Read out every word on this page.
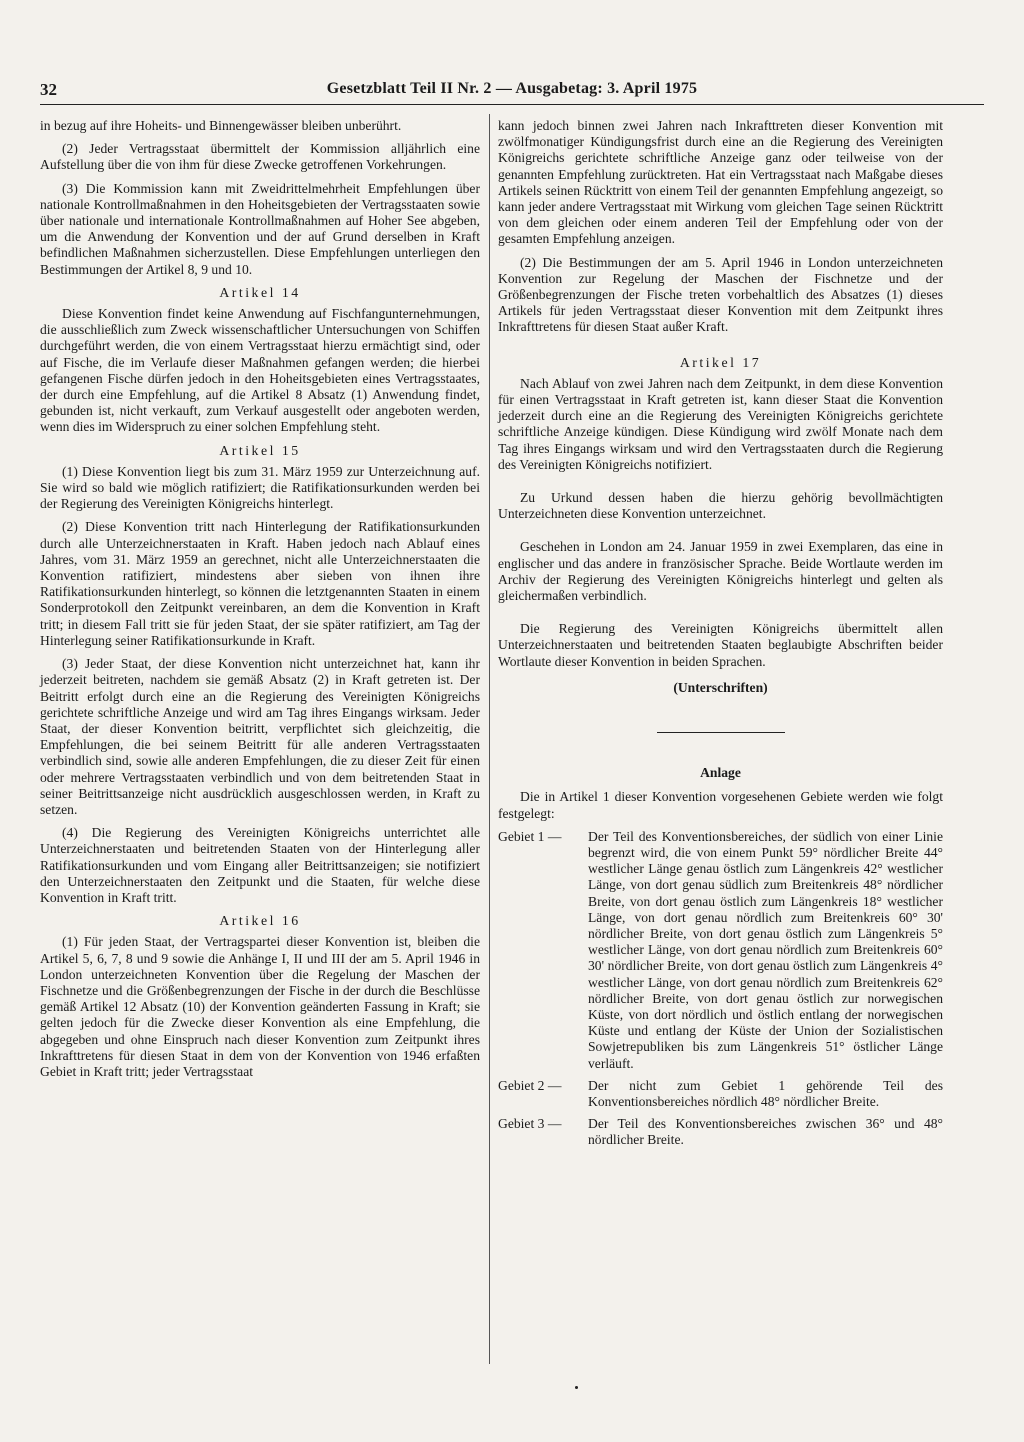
32	Gesetzblatt Teil II Nr. 2 — Ausgabetag: 3. April 1975

in bezug auf ihre Hoheits- und Binnengewässer bleiben unberührt.

(2) Jeder Vertragsstaat übermittelt der Kommission alljährlich eine Aufstellung über die von ihm für diese Zwecke getroffenen Vorkehrungen.

(3) Die Kommission kann mit Zweidrittelmehrheit Empfehlungen über nationale Kontrollmaßnahmen in den Hoheitsgebieten der Vertragsstaaten sowie über nationale und internationale Kontrollmaßnahmen auf Hoher See abgeben, um die Anwendung der Konvention und der auf Grund derselben in Kraft befindlichen Maßnahmen sicherzustellen. Diese Empfehlungen unterliegen den Bestimmungen der Artikel 8, 9 und 10.

Artikel 14

Diese Konvention findet keine Anwendung auf Fischfangunternehmungen, die ausschließlich zum Zweck wissenschaftlicher Untersuchungen von Schiffen durchgeführt werden, die von einem Vertragsstaat hierzu ermächtigt sind, oder auf Fische, die im Verlaufe dieser Maßnahmen gefangen werden; die hierbei gefangenen Fische dürfen jedoch in den Hoheitsgebieten eines Vertragsstaates, der durch eine Empfehlung, auf die Artikel 8 Absatz (1) Anwendung findet, gebunden ist, nicht verkauft, zum Verkauf ausgestellt oder angeboten werden, wenn dies im Widerspruch zu einer solchen Empfehlung steht.

Artikel 15

(1) Diese Konvention liegt bis zum 31. März 1959 zur Unterzeichnung auf. Sie wird so bald wie möglich ratifiziert; die Ratifikationsurkunden werden bei der Regierung des Vereinigten Königreichs hinterlegt.

(2) Diese Konvention tritt nach Hinterlegung der Ratifikationsurkunden durch alle Unterzeichnerstaaten in Kraft. Haben jedoch nach Ablauf eines Jahres, vom 31. März 1959 an gerechnet, nicht alle Unterzeichnerstaaten die Konvention ratifiziert, mindestens aber sieben von ihnen ihre Ratifikationsurkunden hinterlegt, so können die letztgenannten Staaten in einem Sonderprotokoll den Zeitpunkt vereinbaren, an dem die Konvention in Kraft tritt; in diesem Fall tritt sie für jeden Staat, der sie später ratifiziert, am Tag der Hinterlegung seiner Ratifikationsurkunde in Kraft.

(3) Jeder Staat, der diese Konvention nicht unterzeichnet hat, kann ihr jederzeit beitreten, nachdem sie gemäß Absatz (2) in Kraft getreten ist. Der Beitritt erfolgt durch eine an die Regierung des Vereinigten Königreichs gerichtete schriftliche Anzeige und wird am Tag ihres Eingangs wirksam. Jeder Staat, der dieser Konvention beitritt, verpflichtet sich gleichzeitig, die Empfehlungen, die bei seinem Beitritt für alle anderen Vertragsstaaten verbindlich sind, sowie alle anderen Empfehlungen, die zu dieser Zeit für einen oder mehrere Vertragsstaaten verbindlich und von dem beitretenden Staat in seiner Beitrittsanzeige nicht ausdrücklich ausgeschlossen werden, in Kraft zu setzen.

(4) Die Regierung des Vereinigten Königreichs unterrichtet alle Unterzeichnerstaaten und beitretenden Staaten von der Hinterlegung aller Ratifikationsurkunden und vom Eingang aller Beitrittsanzeigen; sie notifiziert den Unterzeichnerstaaten den Zeitpunkt und die Staaten, für welche diese Konvention in Kraft tritt.

Artikel 16

(1) Für jeden Staat, der Vertragspartei dieser Konvention ist, bleiben die Artikel 5, 6, 7, 8 und 9 sowie die Anhänge I, II und III der am 5. April 1946 in London unterzeichneten Konvention über die Regelung der Maschen der Fischnetze und die Größenbegrenzungen der Fische in der durch die Beschlüsse gemäß Artikel 12 Absatz (10) der Konvention geänderten Fassung in Kraft; sie gelten jedoch für die Zwecke dieser Konvention als eine Empfehlung, die abgegeben und ohne Einspruch nach dieser Konvention zum Zeitpunkt ihres Inkrafttretens für diesen Staat in dem von der Konvention von 1946 erfaßten Gebiet in Kraft tritt; jeder Vertragsstaat

kann jedoch binnen zwei Jahren nach Inkrafttreten dieser Konvention mit zwölfmonatiger Kündigungsfrist durch eine an die Regierung des Vereinigten Königreichs gerichtete schriftliche Anzeige ganz oder teilweise von der genannten Empfehlung zurücktreten. Hat ein Vertragsstaat nach Maßgabe dieses Artikels seinen Rücktritt von einem Teil der genannten Empfehlung angezeigt, so kann jeder andere Vertragsstaat mit Wirkung vom gleichen Tage seinen Rücktritt von dem gleichen oder einem anderen Teil der Empfehlung oder von der gesamten Empfehlung anzeigen.

(2) Die Bestimmungen der am 5. April 1946 in London unterzeichneten Konvention zur Regelung der Maschen der Fischnetze und der Größenbegrenzungen der Fische treten vorbehaltlich des Absatzes (1) dieses Artikels für jeden Vertragsstaat dieser Konvention mit dem Zeitpunkt ihres Inkrafttretens für diesen Staat außer Kraft.

Artikel 17

Nach Ablauf von zwei Jahren nach dem Zeitpunkt, in dem diese Konvention für einen Vertragsstaat in Kraft getreten ist, kann dieser Staat die Konvention jederzeit durch eine an die Regierung des Vereinigten Königreichs gerichtete schriftliche Anzeige kündigen. Diese Kündigung wird zwölf Monate nach dem Tag ihres Eingangs wirksam und wird den Vertragsstaaten durch die Regierung des Vereinigten Königreichs notifiziert.

Zu Urkund dessen haben die hierzu gehörig bevollmächtigten Unterzeichneten diese Konvention unterzeichnet.

Geschehen in London am 24. Januar 1959 in zwei Exemplaren, das eine in englischer und das andere in französischer Sprache. Beide Wortlaute werden im Archiv der Regierung des Vereinigten Königreichs hinterlegt und gelten als gleichermaßen verbindlich.

Die Regierung des Vereinigten Königreichs übermittelt allen Unterzeichnerstaaten und beitretenden Staaten beglaubigte Abschriften beider Wortlaute dieser Konvention in beiden Sprachen.

(Unterschriften)

Anlage

Die in Artikel 1 dieser Konvention vorgesehenen Gebiete werden wie folgt festgelegt:

Gebiet 1 —	Der Teil des Konventionsbereiches, der südlich von einer Linie begrenzt wird, die von einem Punkt 59° nördlicher Breite 44° westlicher Länge genau östlich zum Längenkreis 42° westlicher Länge, von dort genau südlich zum Breitenkreis 48° nördlicher Breite, von dort genau östlich zum Längenkreis 18° westlicher Länge, von dort genau nördlich zum Breitenkreis 60° 30' nördlicher Breite, von dort genau östlich zum Längenkreis 5° westlicher Länge, von dort genau nördlich zum Breitenkreis 60° 30' nördlicher Breite, von dort genau östlich zum Längenkreis 4° westlicher Länge, von dort genau nördlich zum Breitenkreis 62° nördlicher Breite, von dort genau östlich zur norwegischen Küste, von dort nördlich und östlich entlang der norwegischen Küste und entlang der Küste der Union der Sozialistischen Sowjetrepubliken bis zum Längenkreis 51° östlicher Länge verläuft.
Gebiet 2 —	Der nicht zum Gebiet 1 gehörende Teil des Konventionsbereiches nördlich 48° nördlicher Breite.
Gebiet 3 —	Der Teil des Konventionsbereiches zwischen 36° und 48° nördlicher Breite.
